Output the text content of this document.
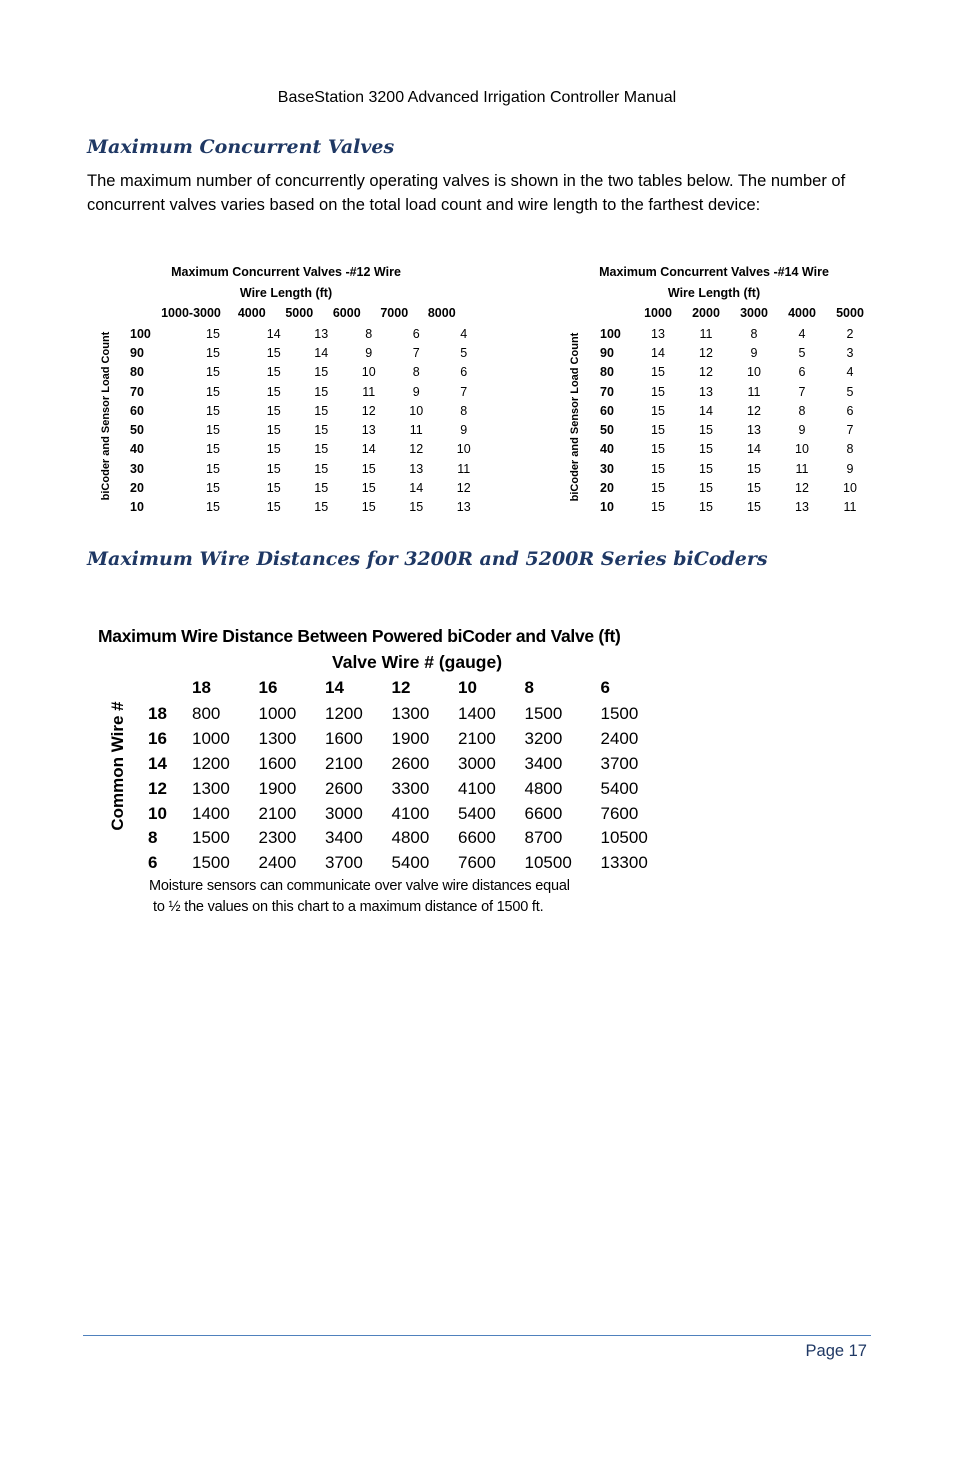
BaseStation 3200 Advanced Irrigation Controller Manual
Maximum Concurrent Valves

The maximum number of concurrently operating valves is shown in the two tables below. The number of concurrent valves varies based on the total load count and wire length to the farthest device:

Maximum Concurrent Valves -#12 Wire
Wire Length (ft)
biCoder and Sensor Load Count
1000-3000	4000	5000	6000	7000	8000
100	15	14	13	8	6	4
90	15	15	14	9	7	5
80	15	15	15	10	8	6
70	15	15	15	11	9	7
60	15	15	15	12	10	8
50	15	15	15	13	11	9
40	15	15	15	14	12	10
30	15	15	15	15	13	11
20	15	15	15	15	14	12
10	15	15	15	15	15	13
Maximum Concurrent Valves -#14 Wire
Wire Length (ft)
biCoder and Sensor Load Count
1000	2000	3000	4000	5000
100	13	11	8	4	2
90	14	12	9	5	3
80	15	12	10	6	4
70	15	13	11	7	5
60	15	14	12	8	6
50	15	15	13	9	7
40	15	15	14	10	8
30	15	15	15	11	9
20	15	15	15	12	10
10	15	15	15	13	11
Maximum Wire Distances for 3200R and 5200R Series biCoders
Maximum Wire Distance Between Powered biCoder and Valve (ft)
Valve Wire # (gauge)
Common Wire #
18	16	14	12	10	8	6
18	800	1000	1200	1300	1400	1500	1500
16	1000	1300	1600	1900	2100	3200	2400
14	1200	1600	2100	2600	3000	3400	3700
12	1300	1900	2600	3300	4100	4800	5400
10	1400	2100	3000	4100	5400	6600	7600
8	1500	2300	3400	4800	6600	8700	10500
6	1500	2400	3700	5400	7600	10500	13300
Moisture sensors can communicate over valve wire distances equal
to ½ the values on this chart to a maximum distance of 1500 ft.
Page 17
